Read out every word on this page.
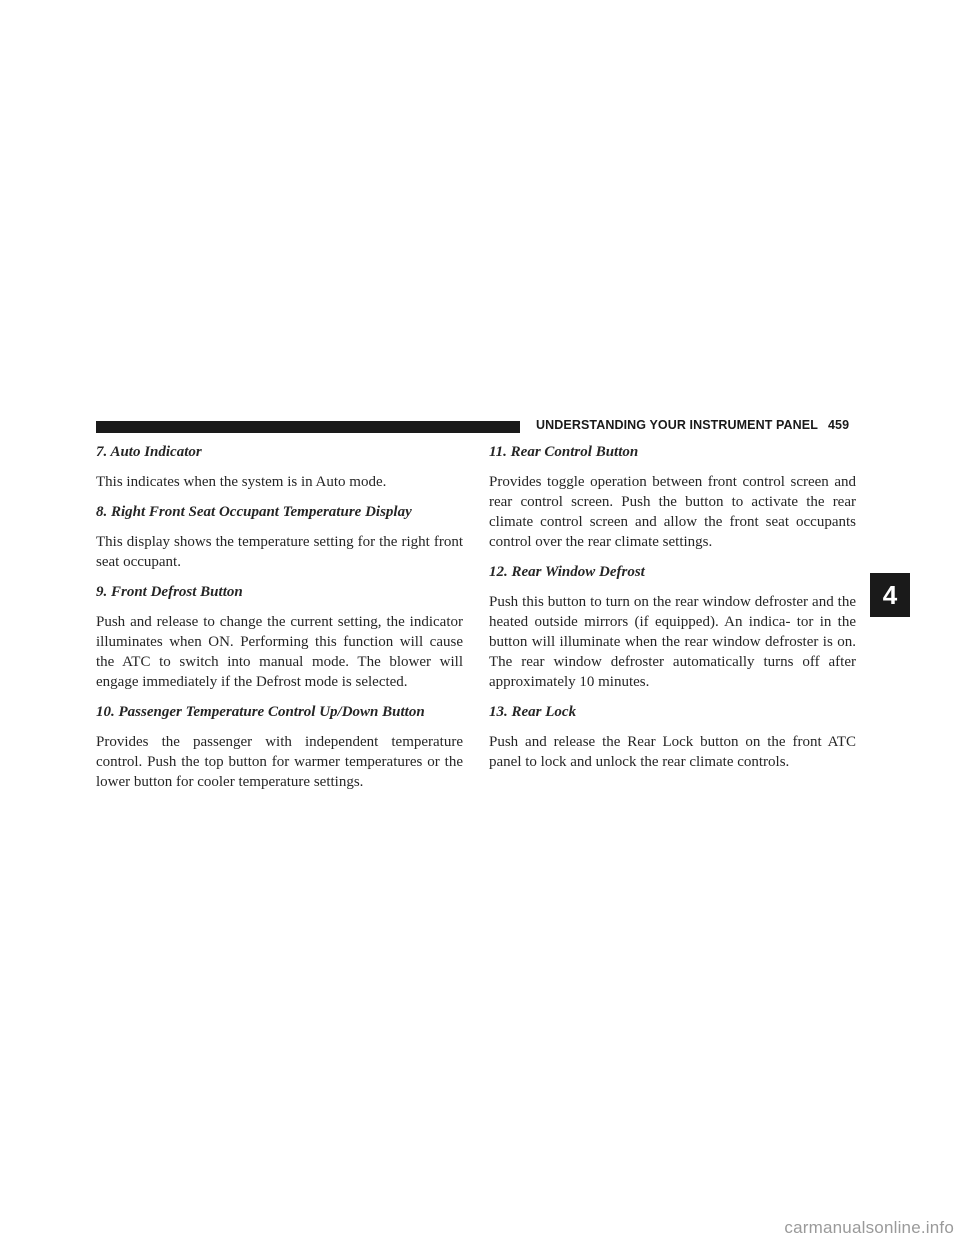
UNDERSTANDING YOUR INSTRUMENT PANEL 459

7. Auto Indicator

This indicates when the system is in Auto mode.

8. Right Front Seat Occupant Temperature Display

This display shows the temperature setting for the right front seat occupant.

9. Front Defrost Button

Push and release to change the current setting, the indicator illuminates when ON. Performing this function will cause the ATC to switch into manual mode. The blower will engage immediately if the Defrost mode is selected.

10. Passenger Temperature Control Up/Down Button

Provides the passenger with independent temperature control. Push the top button for warmer temperatures or the lower button for cooler temperature settings.

11. Rear Control Button

Provides toggle operation between front control screen and rear control screen. Push the button to activate the rear climate control screen and allow the front seat occupants control over the rear climate settings.

12. Rear Window Defrost

Push this button to turn on the rear window defroster and the heated outside mirrors (if equipped). An indica- tor in the button will illuminate when the rear window defroster is on. The rear window defroster automatically turns off after approximately 10 minutes.

13. Rear Lock

Push and release the Rear Lock button on the front ATC panel to lock and unlock the rear climate controls.

4
carmanualsonline.info
